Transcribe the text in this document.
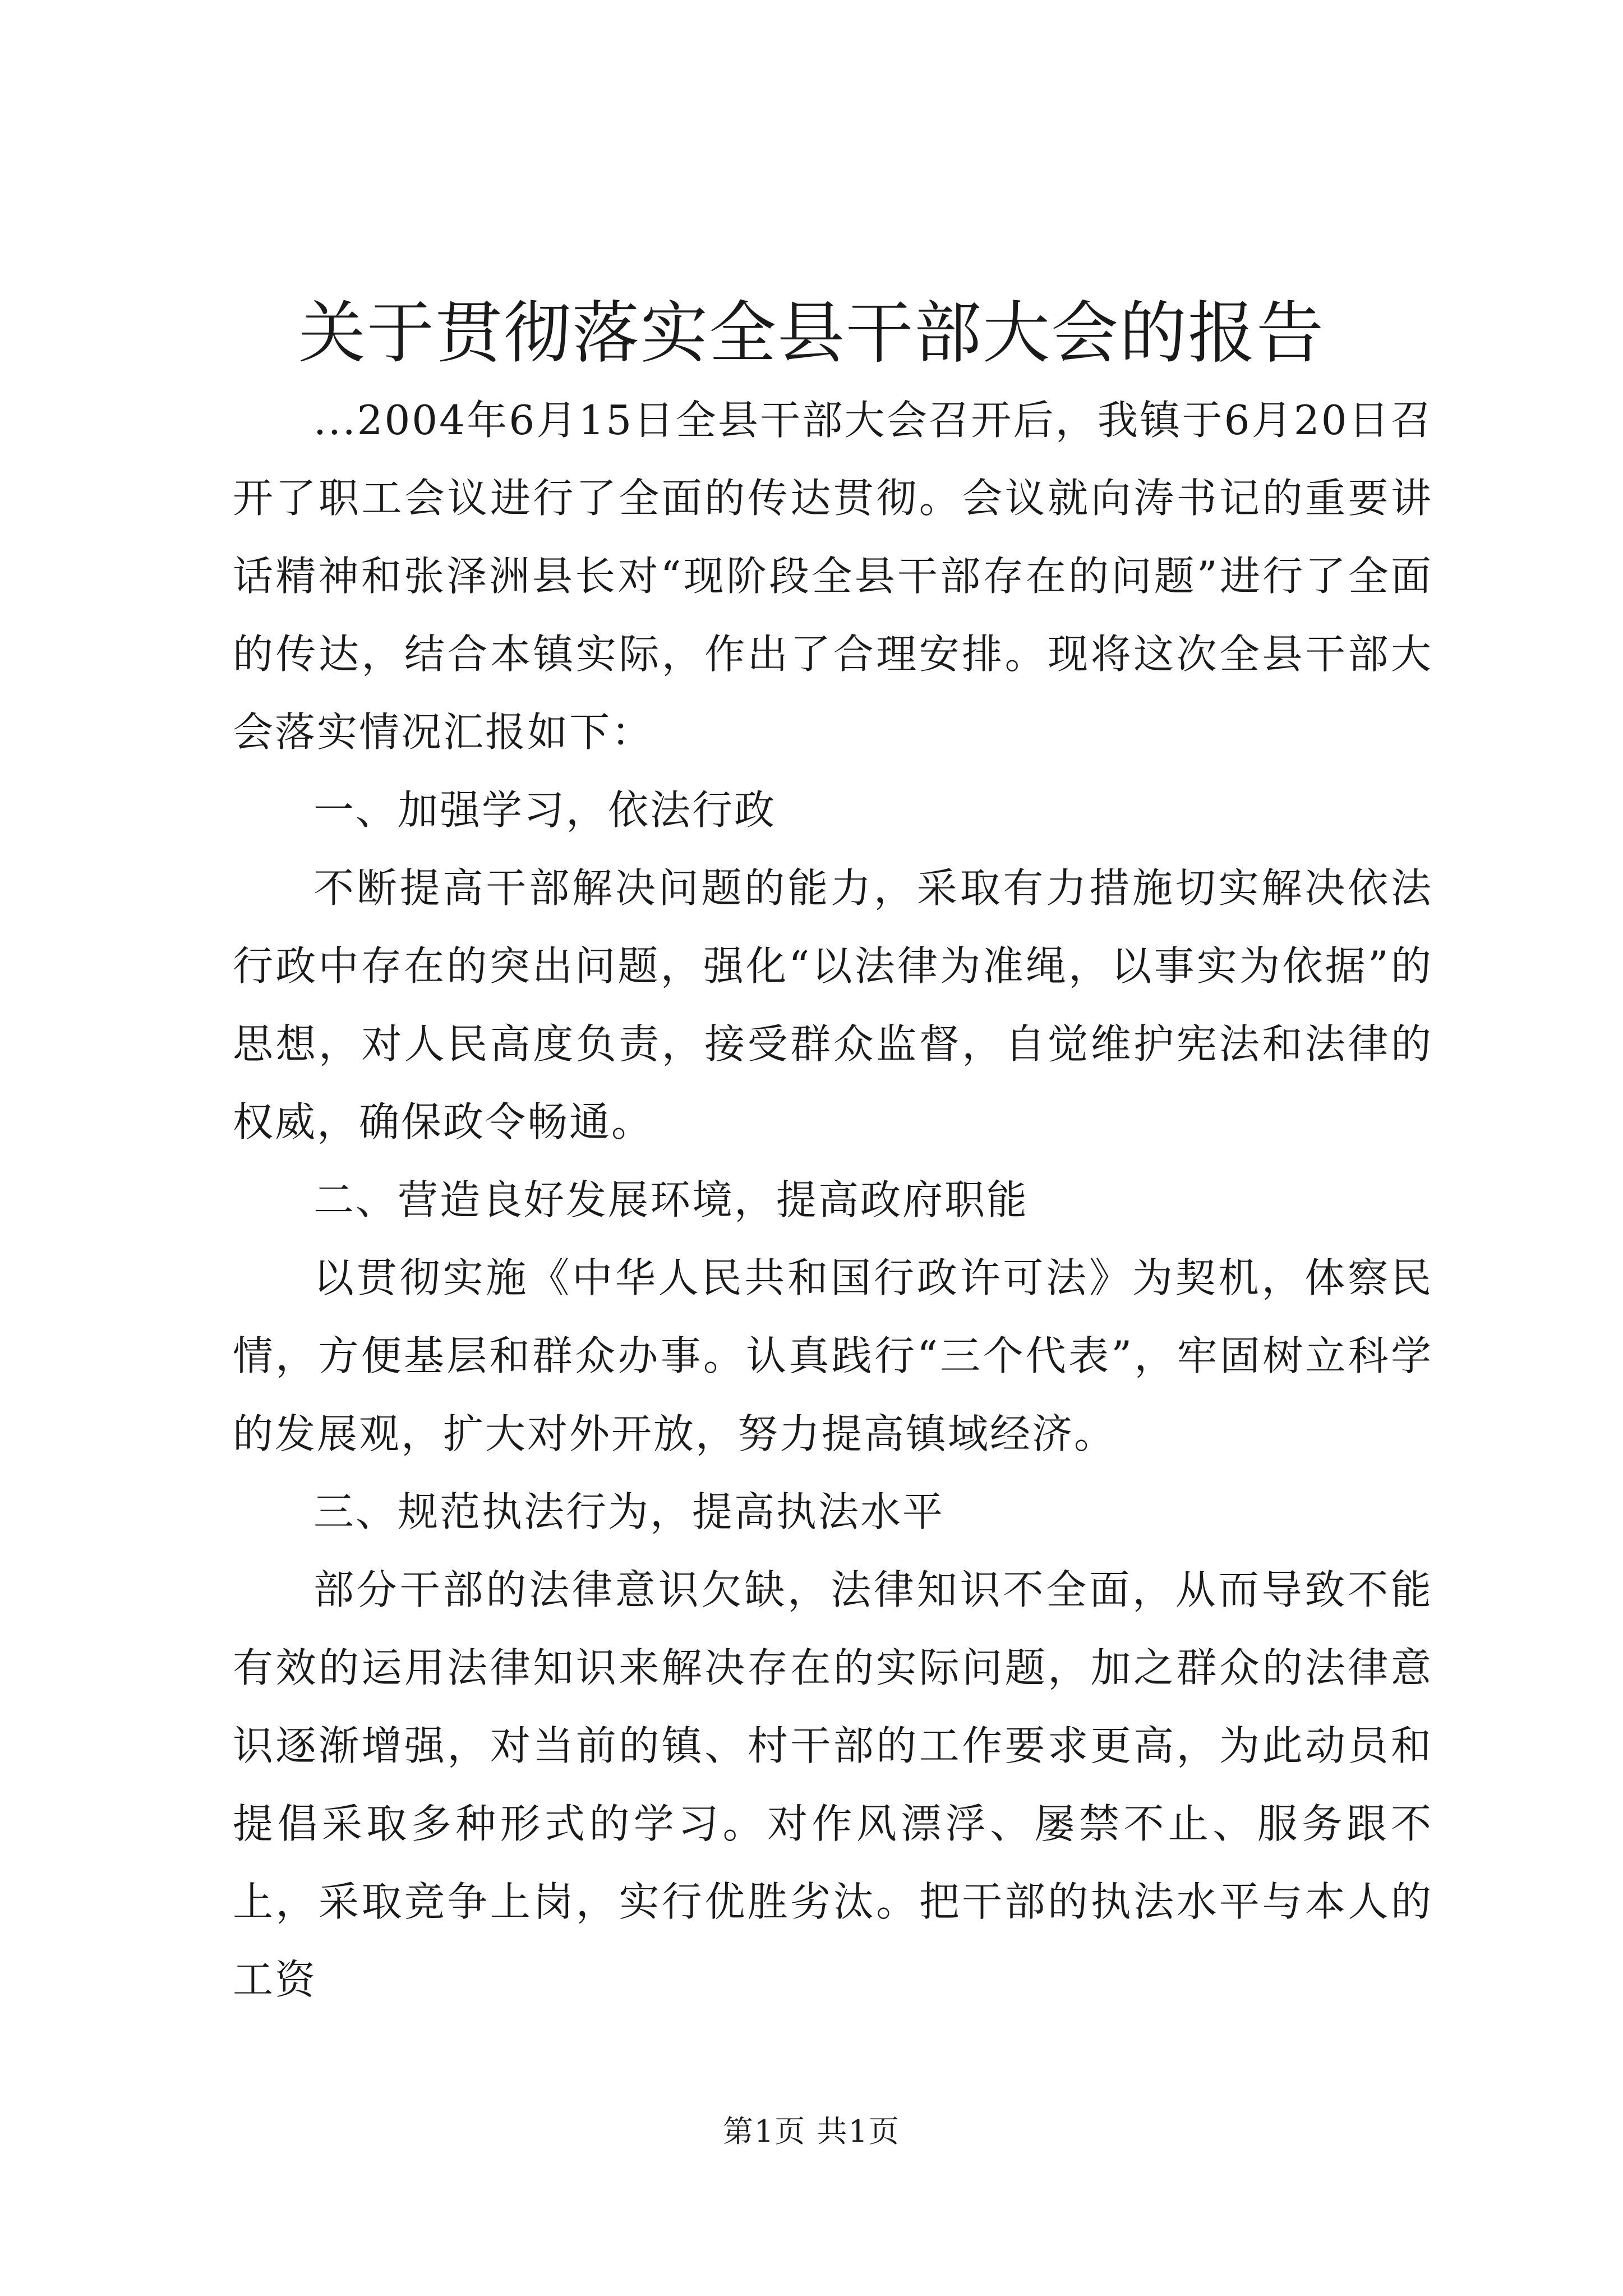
关于贯彻落实全县干部大会的报告

...2004年6月15日全县干部大会召开后，我镇于6月20日召开了职工会议进行了全面的传达贯彻。会议就向涛书记的重要讲话精神和张泽洲县长对“现阶段全县干部存在的问题”进行了全面的传达，结合本镇实际，作出了合理安排。现将这次全县干部大会落实情况汇报如下：

一、加强学习，依法行政

不断提高干部解决问题的能力，采取有力措施切实解决依法行政中存在的突出问题，强化“以法律为准绳，以事实为依据”的思想，对人民高度负责，接受群众监督，自觉维护宪法和法律的权威，确保政令畅通。

二、营造良好发展环境，提高政府职能

以贯彻实施《中华人民共和国行政许可法》为契机，体察民情，方便基层和群众办事。认真践行“三个代表”，牢固树立科学的发展观，扩大对外开放，努力提高镇域经济。

三、规范执法行为，提高执法水平

部分干部的法律意识欠缺，法律知识不全面，从而导致不能有效的运用法律知识来解决存在的实际问题，加之群众的法律意识逐渐增强，对当前的镇、村干部的工作要求更高，为此动员和提倡采取多种形式的学习。对作风漂浮、屡禁不止、服务跟不上，采取竞争上岗，实行优胜劣汰。把干部的执法水平与本人的工资

第1页 共1页
